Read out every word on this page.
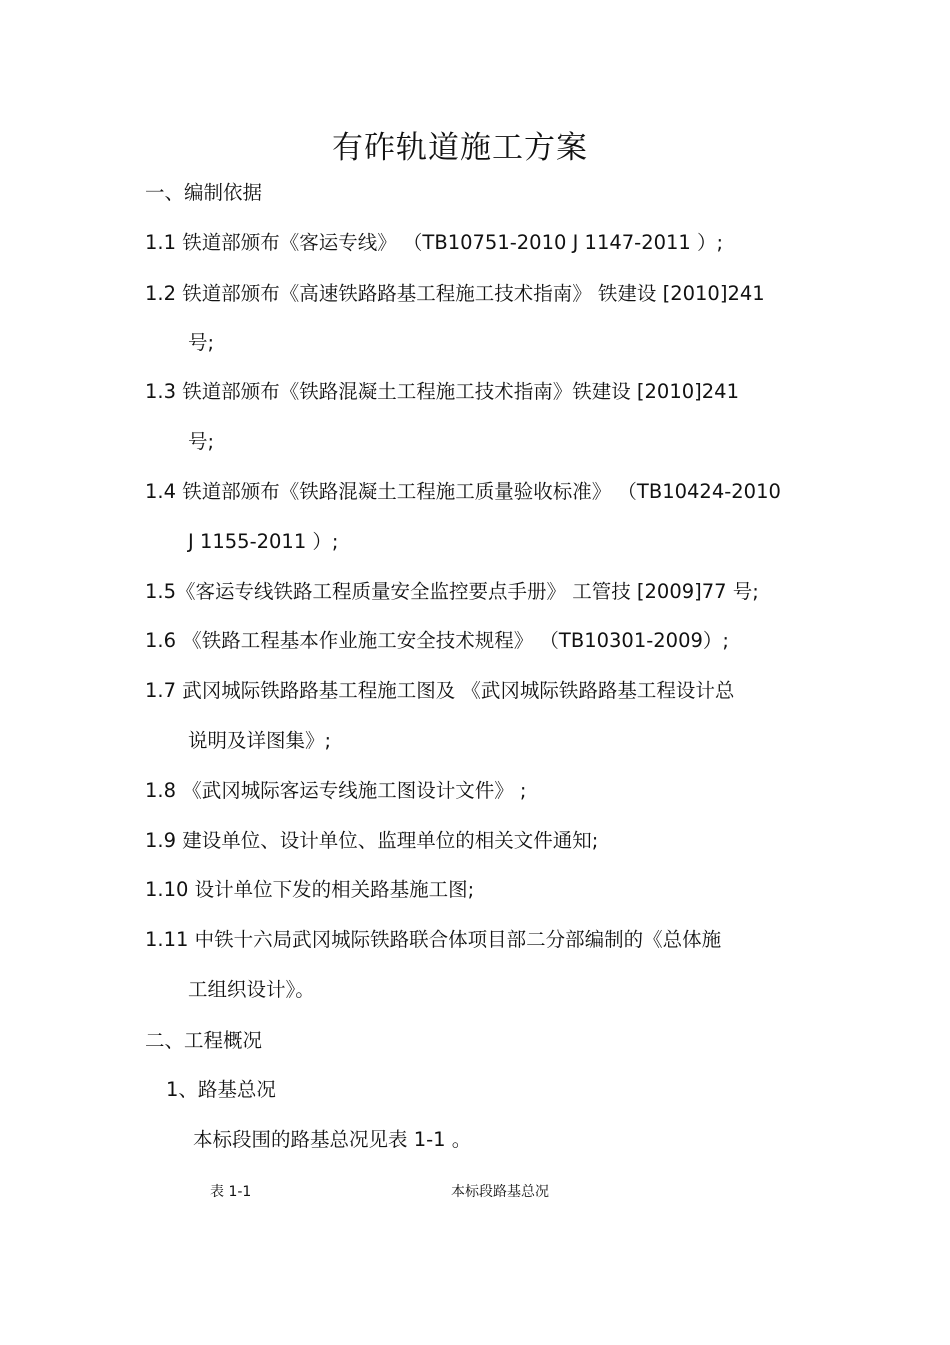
有砟轨道施工方案
一、编制依据
1.1 铁道部颁布《客运专线》 （TB10751-2010 J 1147-2011 ）;
1.2 铁道部颁布《高速铁路路基工程施工技术指南》 铁建设 [2010]241
号;
1.3 铁道部颁布《铁路混凝土工程施工技术指南》铁建设 [2010]241
号;
1.4 铁道部颁布《铁路混凝土工程施工质量验收标准》 （TB10424-2010
J 1155-2011 ）;
1.5《客运专线铁路工程质量安全监控要点手册》 工管技 [2009]77 号;
1.6 《铁路工程基本作业施工安全技术规程》 （TB10301-2009）;
1.7 武冈城际铁路路基工程施工图及 《武冈城际铁路路基工程设计总
说明及详图集》;
1.8 《武冈城际客运专线施工图设计文件》 ;
1.9 建设单位、设计单位、监理单位的相关文件通知;
1.10 设计单位下发的相关路基施工图;
1.11 中铁十六局武冈城际铁路联合体项目部二分部编制的《总体施
工组织设计》。
二、工程概况
1、路基总况
本标段围的路基总况见表 1-1 。
表 1-1	本标段路基总况
